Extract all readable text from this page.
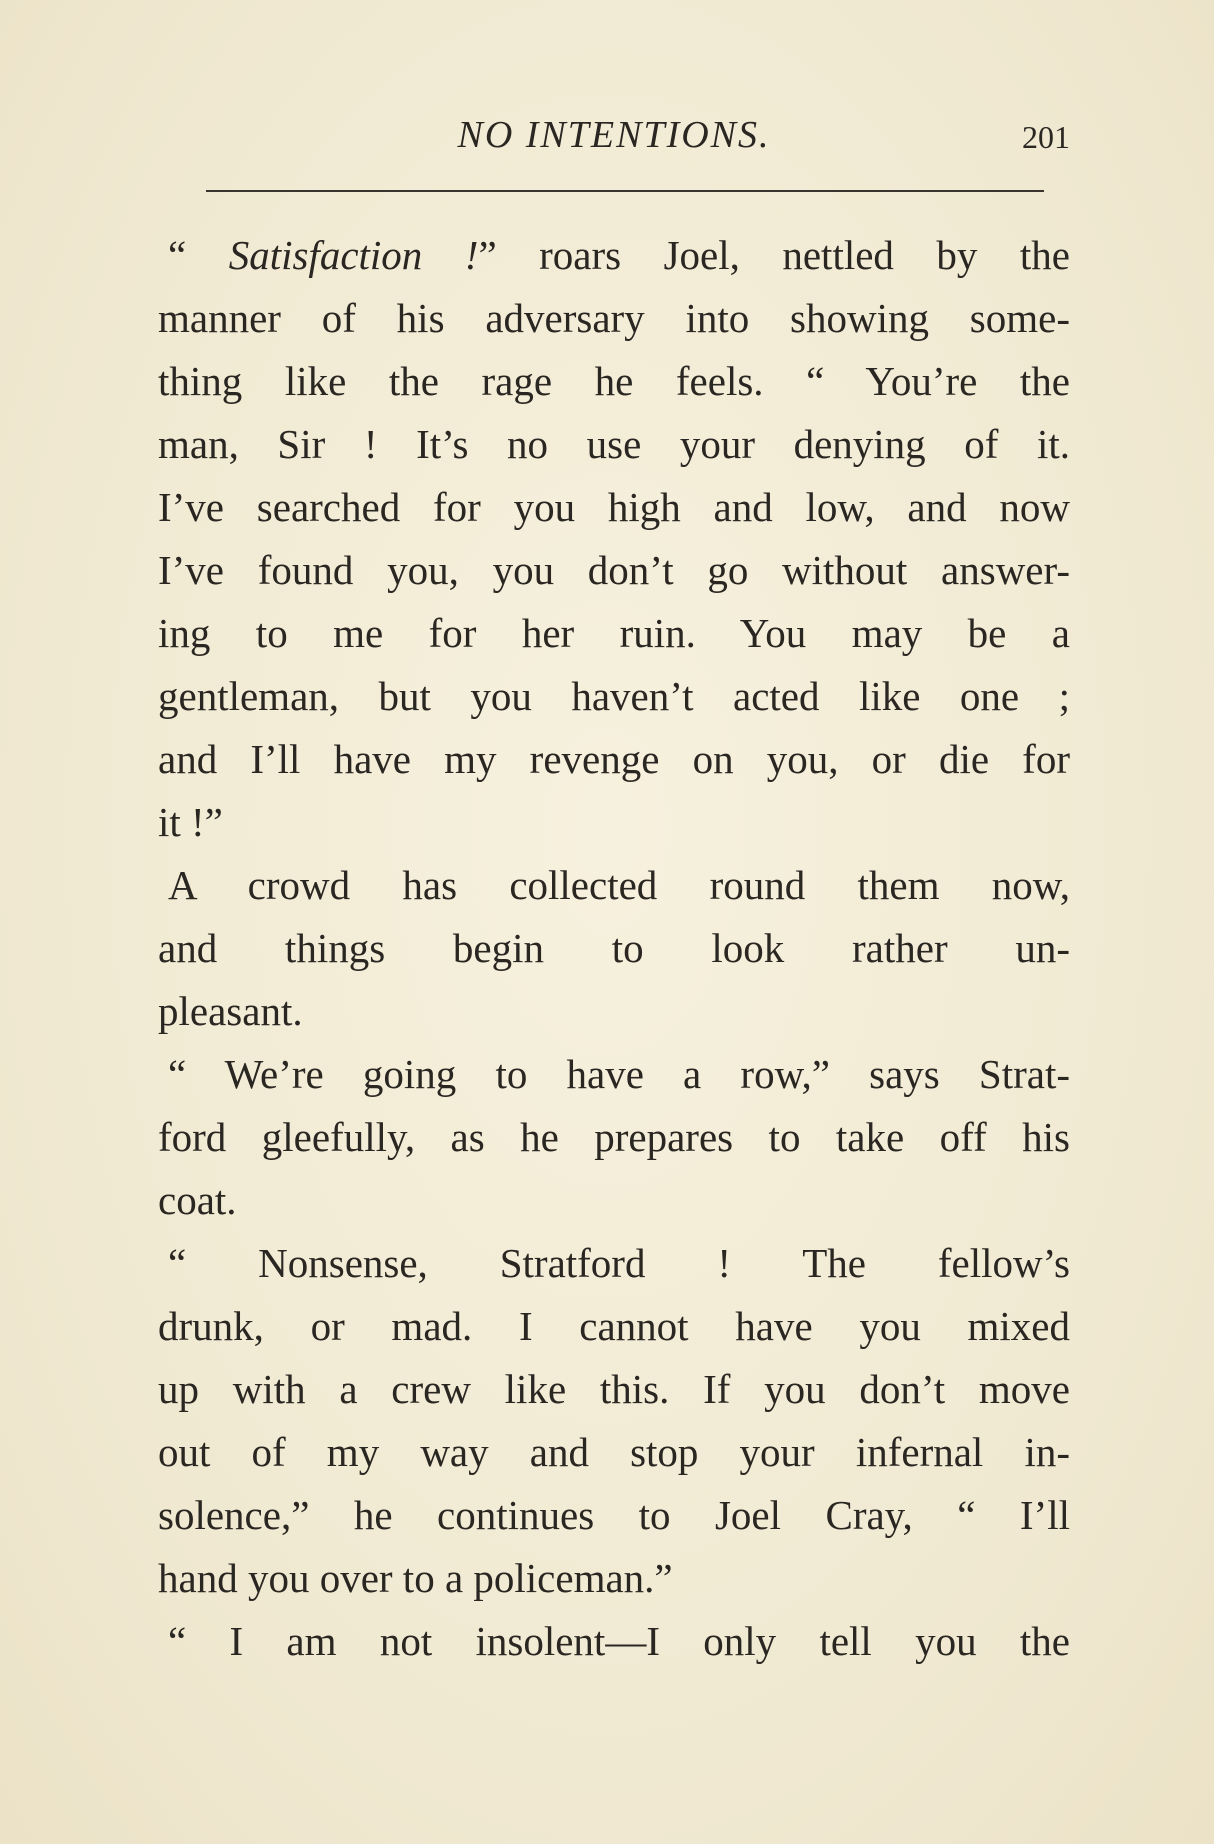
NO INTENTIONS.	201
“ Satisfaction !” roars Joel, nettled by the
manner of his adversary into showing some-
thing like the rage he feels. “ You’re the
man, Sir ! It’s no use your denying of it.
I’ve searched for you high and low, and now
I’ve found you, you don’t go without answer-
ing to me for her ruin. You may be a
gentleman, but you haven’t acted like one ;
and I’ll have my revenge on you, or die for
it !”
A crowd has collected round them now,
and things begin to look rather un-
pleasant.
“ We’re going to have a row,” says Strat-
ford gleefully, as he prepares to take off his
coat.
“ Nonsense, Stratford ! The fellow’s
drunk, or mad. I cannot have you mixed
up with a crew like this. If you don’t move
out of my way and stop your infernal in-
solence,” he continues to Joel Cray, “ I’ll
hand you over to a policeman.”
“ I am not insolent—I only tell you the
